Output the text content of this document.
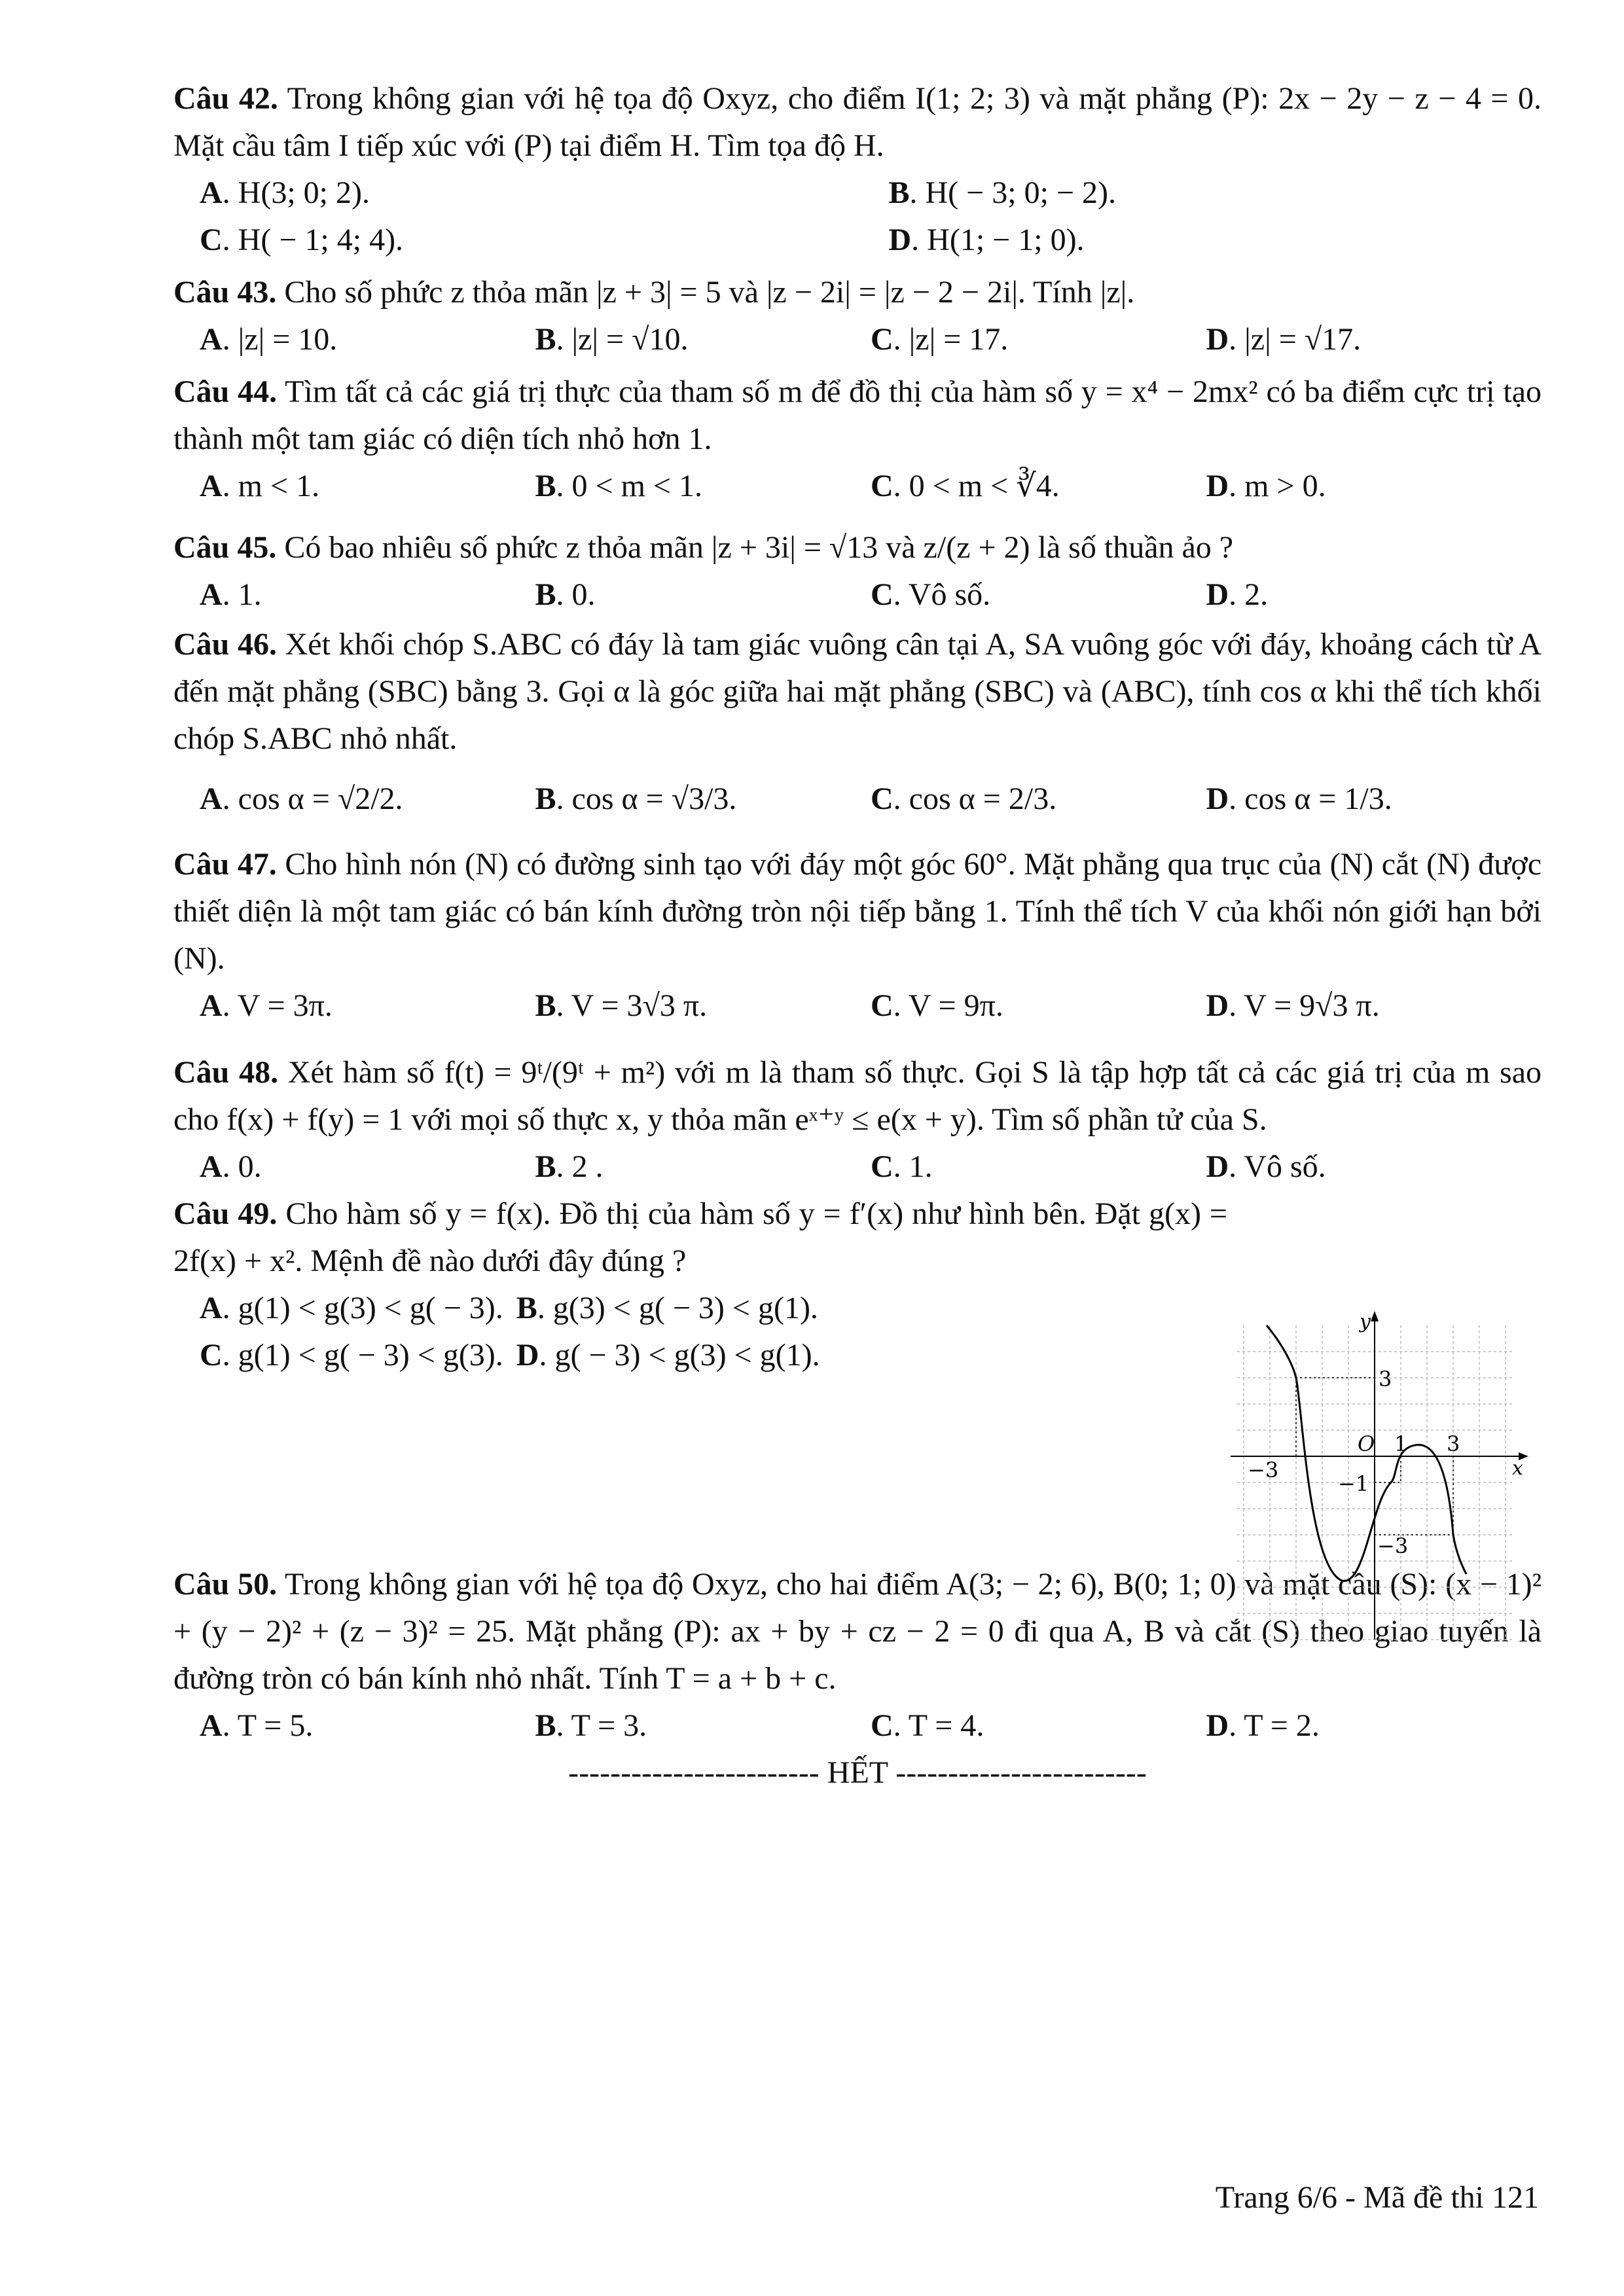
Câu 42. Trong không gian với hệ tọa độ Oxyz, cho điểm I(1; 2; 3) và mặt phẳng (P): 2x − 2y − z − 4 = 0. Mặt cầu tâm I tiếp xúc với (P) tại điểm H. Tìm tọa độ H.
A. H(3; 0; 2).	B. H( − 3; 0; − 2).
C. H( − 1; 4; 4).	D. H(1; − 1; 0).
Câu 43. Cho số phức z thỏa mãn |z + 3| = 5 và |z − 2i| = |z − 2 − 2i|. Tính |z|.
A. |z| = 10.	B. |z| = √10.	C. |z| = 17.	D. |z| = √17.
Câu 44. Tìm tất cả các giá trị thực của tham số m để đồ thị của hàm số y = x⁴ − 2mx² có ba điểm cực trị tạo thành một tam giác có diện tích nhỏ hơn 1.
A. m < 1.	B. 0 < m < 1.	C. 0 < m < ∛4.	D. m > 0.
Câu 45. Có bao nhiêu số phức z thỏa mãn |z + 3i| = √13 và z/(z + 2) là số thuần ảo ?
A. 1.	B. 0.	C. Vô số.	D. 2.
Câu 46. Xét khối chóp S.ABC có đáy là tam giác vuông cân tại A, SA vuông góc với đáy, khoảng cách từ A đến mặt phẳng (SBC) bằng 3. Gọi α là góc giữa hai mặt phẳng (SBC) và (ABC), tính cos α khi thể tích khối chóp S.ABC nhỏ nhất.
A. cos α = √2/2.	B. cos α = √3/3.	C. cos α = 2/3.	D. cos α = 1/3.
Câu 47. Cho hình nón (N) có đường sinh tạo với đáy một góc 60°. Mặt phẳng qua trục của (N) cắt (N) được thiết diện là một tam giác có bán kính đường tròn nội tiếp bằng 1. Tính thể tích V của khối nón giới hạn bởi (N).
A. V = 3π.	B. V = 3√3 π.	C. V = 9π.	D. V = 9√3 π.
Câu 48. Xét hàm số f(t) = 9ᵗ/(9ᵗ + m²) với m là tham số thực. Gọi S là tập hợp tất cả các giá trị của m sao cho f(x) + f(y) = 1 với mọi số thực x, y thỏa mãn eˣ⁺ʸ ≤ e(x + y). Tìm số phần tử của S.
A. 0.	B. 2 .	C. 1.	D. Vô số.
Câu 49. Cho hàm số y = f(x). Đồ thị của hàm số y = f′(x) như hình bên. Đặt g(x) = 2f(x) + x². Mệnh đề nào dưới đây đúng ?
A. g(1) < g(3) < g( − 3). B. g(3) < g( − 3) < g(1).
C. g(1) < g( − 3) < g(3). D. g( − 3) < g(3) < g(1).
Câu 50. Trong không gian với hệ tọa độ Oxyz, cho hai điểm A(3; − 2; 6), B(0; 1; 0) và mặt cầu (S): (x − 1)² + (y − 2)² + (z − 3)² = 25. Mặt phẳng (P): ax + by + cz − 2 = 0 đi qua A, B và cắt (S) theo giao tuyến là đường tròn có bán kính nhỏ nhất. Tính T = a + b + c.
A. T = 5.	B. T = 3.	C. T = 4.	D. T = 2.
------------------------ HẾT ------------------------
y
x
O 1 3
−3
3
−1
−3
Trang 6/6 - Mã đề thi 121
